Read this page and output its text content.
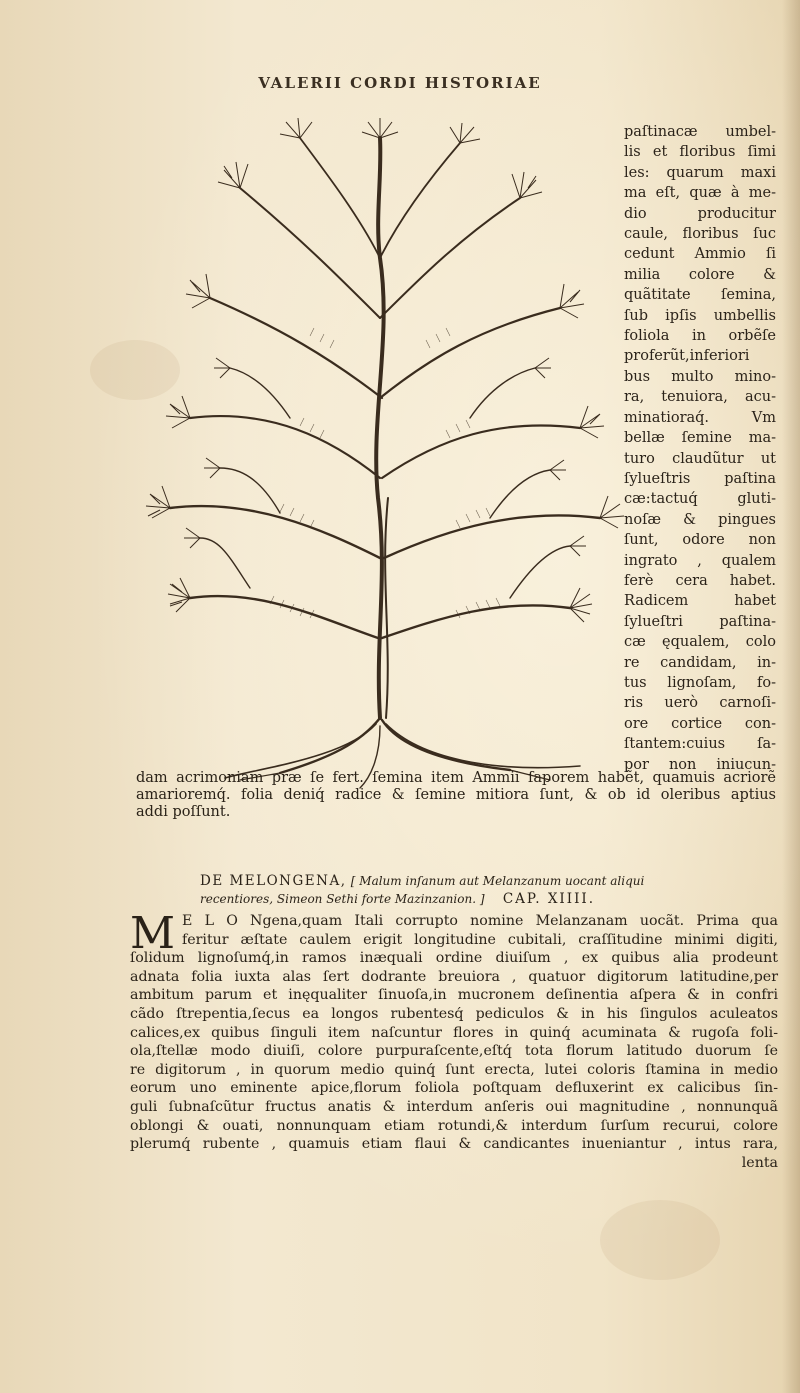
VALERII CORDI HISTORIAE
paſtinacæ umbel-
lis et floribus ſimi
les: quarum maxi
ma eſt, quæ à me-
dio producitur
caule, floribus ſuc
cedunt Ammio ſi
milia colore &
quãtitate ſemina,
ſub ipſis umbellis
foliola in orbẽſe
proferũt,inferiori
bus multo mino-
ra, tenuiora, acu-
minatioraq́. Vm
bellæ ſemine ma-
turo claudũtur ut
ſylueſtris paſtina
cæ:tactuq́ gluti-
noſæ & pingues
ſunt, odore non
ingrato , qualem
ferè cera habet.
Radicem habet
ſylueſtri paſtina-
cæ ęqualem, colo
re candidam, in-
tus lignoſam, fo-
ris uerò carnoſi-
ore cortice con-
ſtantem:cuius ſa-
por non iniucun-
dam acrimoniam præ ſe fert. ſemina item Ammii ſaporem habẽt, quamuis acriorẽ
amarioremq́. folia deniq́ radice & ſemine mitiora ſunt, & ob id oleribus aptius
addi poſſunt.
DE MELONGENA, [ Malum inſanum aut Melanzanum uocant aliqui
recentiores, Simeon Sethi forte Mazinzanion. ] CAP. XIIII.
M E L O Ngena,quam Itali corrupto nomine Melanzanam uocãt. Prima qua
feritur æſtate caulem erigit longitudine cubitali, craſſitudine minimi digiti,
ſolidum lignoſumq́,in ramos inæquali ordine diuiſum , ex quibus alia prodeunt
adnata folia iuxta alas ſert dodrante breuiora , quatuor digitorum latitudine,per
ambitum parum et inęqualiter ſinuoſa,in mucronem deſinentia aſpera & in confri
cãdo ſtrepentia,ſecus ea longos rubentesq́ pediculos & in his ſingulos aculeatos
calices,ex quibus ſinguli item naſcuntur flores in quinq́ acuminata & rugoſa foli-
ola,ſtellæ modo diuiſi, colore purpuraſcente,eſtq́ tota florum latitudo duorum ſe
re digitorum , in quorum medio quinq́ ſunt erecta, lutei coloris ſtamina in medio
eorum uno eminente apice,florum foliola poſtquam defluxerint ex calicibus ſin-
guli ſubnaſcũtur fructus anatis & interdum anſeris oui magnitudine , nonnunquã
oblongi & ouati, nonnunquam etiam rotundi,& interdum ſurſum recurui, colore
plerumq́ rubente , quamuis etiam flaui & candicantes inueniantur , intus rara,
lenta
